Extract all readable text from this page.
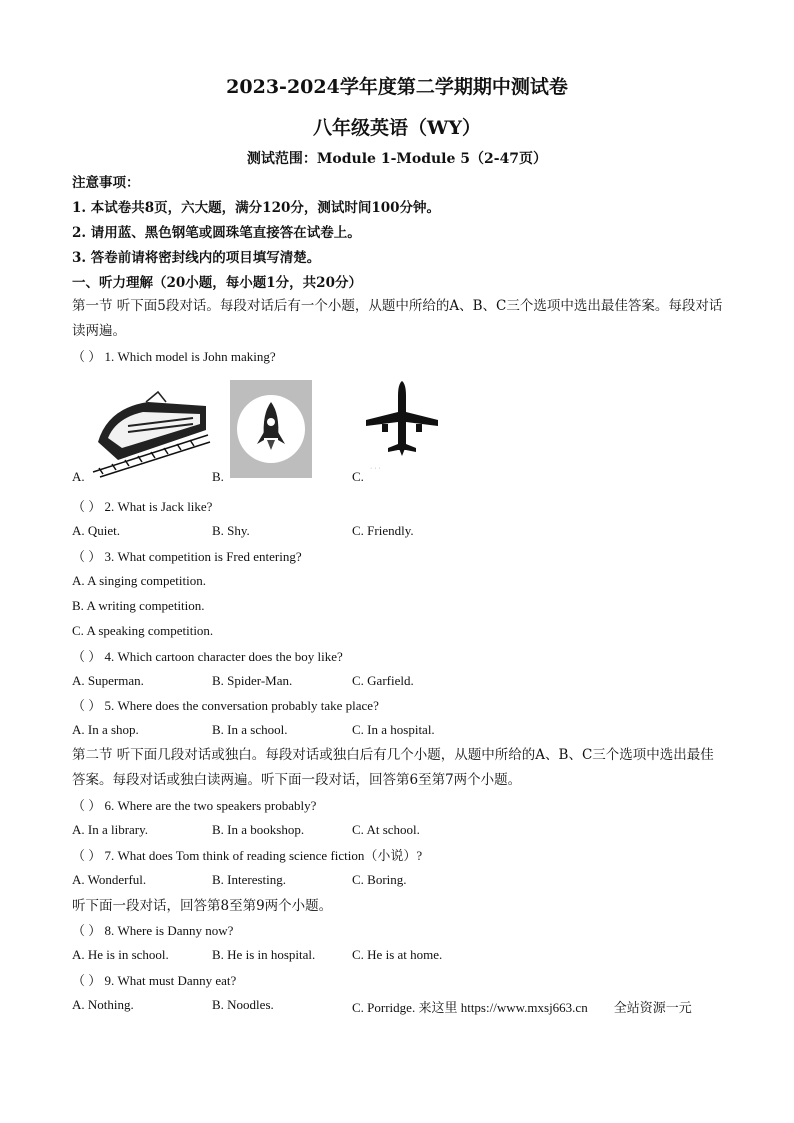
2023-2024学年度第二学期期中测试卷
八年级英语（WY）
测试范围：Module 1-Module 5（2-47页）
注意事项：
1. 本试卷共8页，六大题，满分120分，测试时间100分钟。
2. 请用蓝、黑色钢笔或圆珠笔直接答在试卷上。
3. 答卷前请将密封线内的项目填写清楚。
一、听力理解（20小题，每小题1分，共20分）
第一节 听下面5段对话。每段对话后有一个小题，从题中所给的A、B、C三个选项中选出最佳答案。每段对话读两遍。
（ ） 1. Which model is John making?
· · ·
A.	B.	C.
（ ） 2. What is Jack like?
A. Quiet.	B. Shy.	C. Friendly.
（ ） 3. What competition is Fred entering?
A. A singing competition.
B. A writing competition.
C. A speaking competition.
（ ） 4. Which cartoon character does the boy like?
A. Superman.	B. Spider-Man.	C. Garfield.
（ ） 5. Where does the conversation probably take place?
A. In a shop.	B. In a school.	C. In a hospital.
第二节 听下面几段对话或独白。每段对话或独白后有几个小题，从题中所给的A、B、C三个选项中选出最佳答案。每段对话或独白读两遍。听下面一段对话，回答第6至第7两个小题。
（ ） 6. Where are the two speakers probably?
A. In a library.	B. In a bookshop.	C. At school.
（ ） 7. What does Tom think of reading science fiction（小说）?
A. Wonderful.	B. Interesting.	C. Boring.
听下面一段对话，回答第8至第9两个小题。
（ ） 8. Where is Danny now?
A. He is in school.	B. He is in hospital.	C. He is at home.
（ ） 9. What must Danny eat?
A. Nothing.	B. Noodles.	C. Porridge. 来这里 https://www.mxsj663.cn　　全站资源一元
